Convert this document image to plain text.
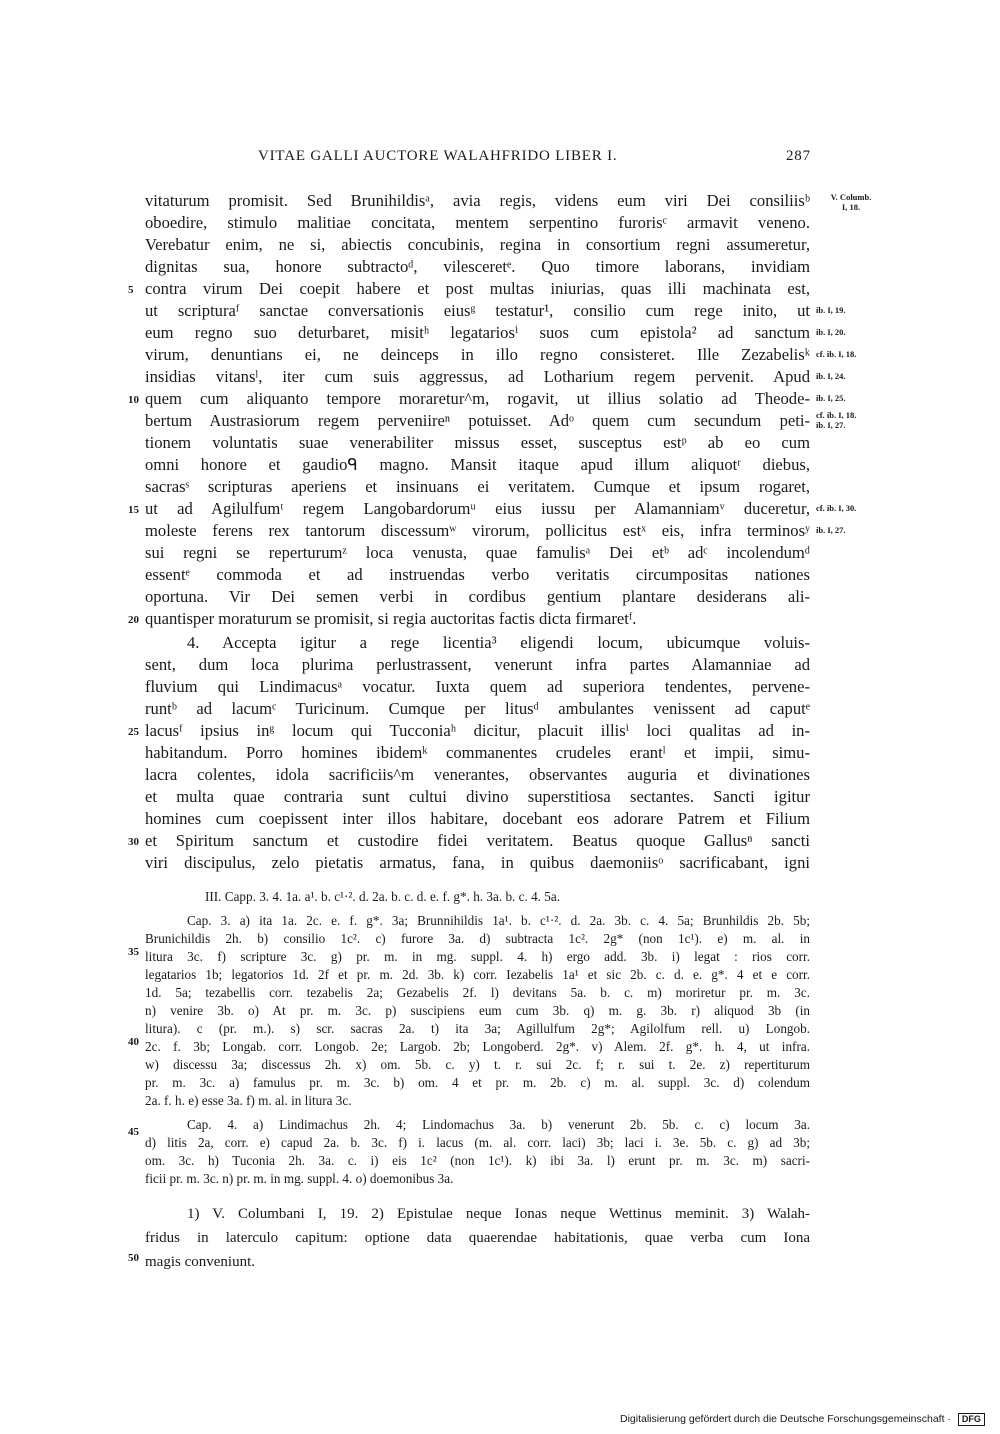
VITAE GALLI AUCTORE WALAHFRIDO LIBER I.	287
vitaturum promisit. Sed Brunihildisᵃ, avia regis, videns eum viri Dei consiliisᵇ
oboedire, stimulo malitiae concitata, mentem serpentino furorisᶜ armavit veneno.
Verebatur enim, ne si, abiectis concubinis, regina in consortium regni assumeretur,
dignitas sua, honore subtractoᵈ, vilesceretᵉ. Quo timore laborans, invidiam
contra virum Dei coepit habere et post multas iniurias, quas illi machinata est,
ut scripturaᶠ sanctae conversationis eiusᵍ testatur¹, consilio cum rege inito, ut
eum regno suo deturbaret, misitʰ legatariosⁱ suos cum epistola² ad sanctum
virum, denuntians ei, ne deinceps in illo regno consisteret. Ille Zezabelisᵏ
insidias vitansˡ, iter cum suis aggressus, ad Lotharium regem pervenit. Apud
quem cum aliquanto tempore moraretur^m, rogavit, ut illius solatio ad Theode-
bertum Austrasiorum regem perveniireⁿ potuisset. Adᵒ quem cum secundum peti-
tionem voluntatis suae venerabiliter missus esset, susceptus estᵖ ab eo cum
omni honore et gaudioᑫ magno. Mansit itaque apud illum aliquotʳ diebus,
sacrasˢ scripturas aperiens et insinuans ei veritatem. Cumque et ipsum rogaret,
ut ad Agilulfumᵗ regem Langobardorumᵘ eius iussu per Alamanniamᵛ duceretur,
moleste ferens rex tantorum discessumʷ virorum, pollicitus estˣ eis, infra terminosʸ
sui regni se reperturumᶻ loca venusta, quae famulisᵃ Dei etᵇ adᶜ incolendumᵈ
essentᵉ commoda et ad instruendas verbo veritatis circumpositas nationes
oportuna. Vir Dei semen verbi in cordibus gentium plantare desiderans ali-
quantisper moraturum se promisit, si regia auctoritas factis dicta firmaretᶠ.
4. Accepta igitur a rege licentia³ eligendi locum, ubicumque voluis-
sent, dum loca plurima perlustrassent, venerunt infra partes Alamanniae ad
fluvium qui Lindimacusᵃ vocatur. Iuxta quem ad superiora tendentes, pervene-
runtᵇ ad lacumᶜ Turicinum. Cumque per litusᵈ ambulantes venissent ad caputᵉ
lacusᶠ ipsius inᵍ locum qui Tucconiaʰ dicitur, placuit illisⁱ loci qualitas ad in-
habitandum. Porro homines ibidemᵏ commanentes crudeles erantˡ et impii, simu-
lacra colentes, idola sacrificiis^m venerantes, observantes auguria et divinationes
et multa quae contraria sunt cultui divino superstitiosa sectantes. Sancti igitur
homines cum coepissent inter illos habitare, docebant eos adorare Patrem et Filium
et Spiritum sanctum et custodire fidei veritatem. Beatus quoque Gallusⁿ sancti
viri discipulus, zelo pietatis armatus, fana, in quibus daemoniisᵒ sacrificabant, igni
5
10
15
20
25
30
35
40
45
50
V. Columb.
I, 18.
ib. I, 19.
ib. I, 20.
cf. ib. I, 18.
ib. I, 24.
ib. I, 25.
cf. ib. I, 18.
ib. I, 27.
cf. ib. I, 30.
ib. I, 27.
III. Capp. 3. 4. 1a. a¹. b. c¹·². d. 2a. b. c. d. e. f. g*. h. 3a. b. c. 4. 5a.
Cap. 3. a) ita 1a. 2c. e. f. g*. 3a; Brunnihildis 1a¹. b. c¹·². d. 2a. 3b. c. 4. 5a; Brunhildis 2b. 5b;
Brunichildis 2h. b) consilio 1c². c) furore 3a. d) subtracta 1c². 2g* (non 1c¹). e) m. al. in
litura 3c. f) scripture 3c. g) pr. m. in mg. suppl. 4. h) ergo add. 3b. i) legat : rios corr.
legatarios 1b; legatorios 1d. 2f et pr. m. 2d. 3b. k) corr. Iezabelis 1a¹ et sic 2b. c. d. e. g*. 4 et e corr.
1d. 5a; tezabellis corr. tezabelis 2a; Gezabelis 2f. l) devitans 5a. b. c. m) moriretur pr. m. 3c.
n) venire 3b. o) At pr. m. 3c. p) suscipiens eum cum 3b. q) m. g. 3b. r) aliquod 3b (in
litura). c (pr. m.). s) scr. sacras 2a. t) ita 3a; Agillulfum 2g*; Agilolfum rell. u) Longob.
2c. f. 3b; Longab. corr. Longob. 2e; Largob. 2b; Longoberd. 2g*. v) Alem. 2f. g*. h. 4, ut infra.
w) discessu 3a; discessus 2h. x) om. 5b. c. y) t. r. sui 2c. f; r. sui t. 2e. z) repertiturum
pr. m. 3c. a) famulus pr. m. 3c. b) om. 4 et pr. m. 2b. c) m. al. suppl. 3c. d) colendum
2a. f. h. e) esse 3a. f) m. al. in litura 3c.
Cap. 4. a) Lindimachus 2h. 4; Lindomachus 3a. b) venerunt 2b. 5b. c. c) locum 3a.
d) litis 2a, corr. e) capud 2a. b. 3c. f) i. lacus (m. al. corr. laci) 3b; laci i. 3e. 5b. c. g) ad 3b;
om. 3c. h) Tuconia 2h. 3a. c. i) eis 1c² (non 1c¹). k) ibi 3a. l) erunt pr. m. 3c. m) sacri-
ficii pr. m. 3c. n) pr. m. in mg. suppl. 4. o) doemonibus 3a.
1) V. Columbani I, 19. 2) Epistulae neque Ionas neque Wettinus meminit. 3) Walah-
fridus in laterculo capitum: optione data quaerendae habitationis, quae verba cum Iona
magis conveniunt.
Digitalisierung gefördert durch die Deutsche Forschungsgemeinschaft · DFG
